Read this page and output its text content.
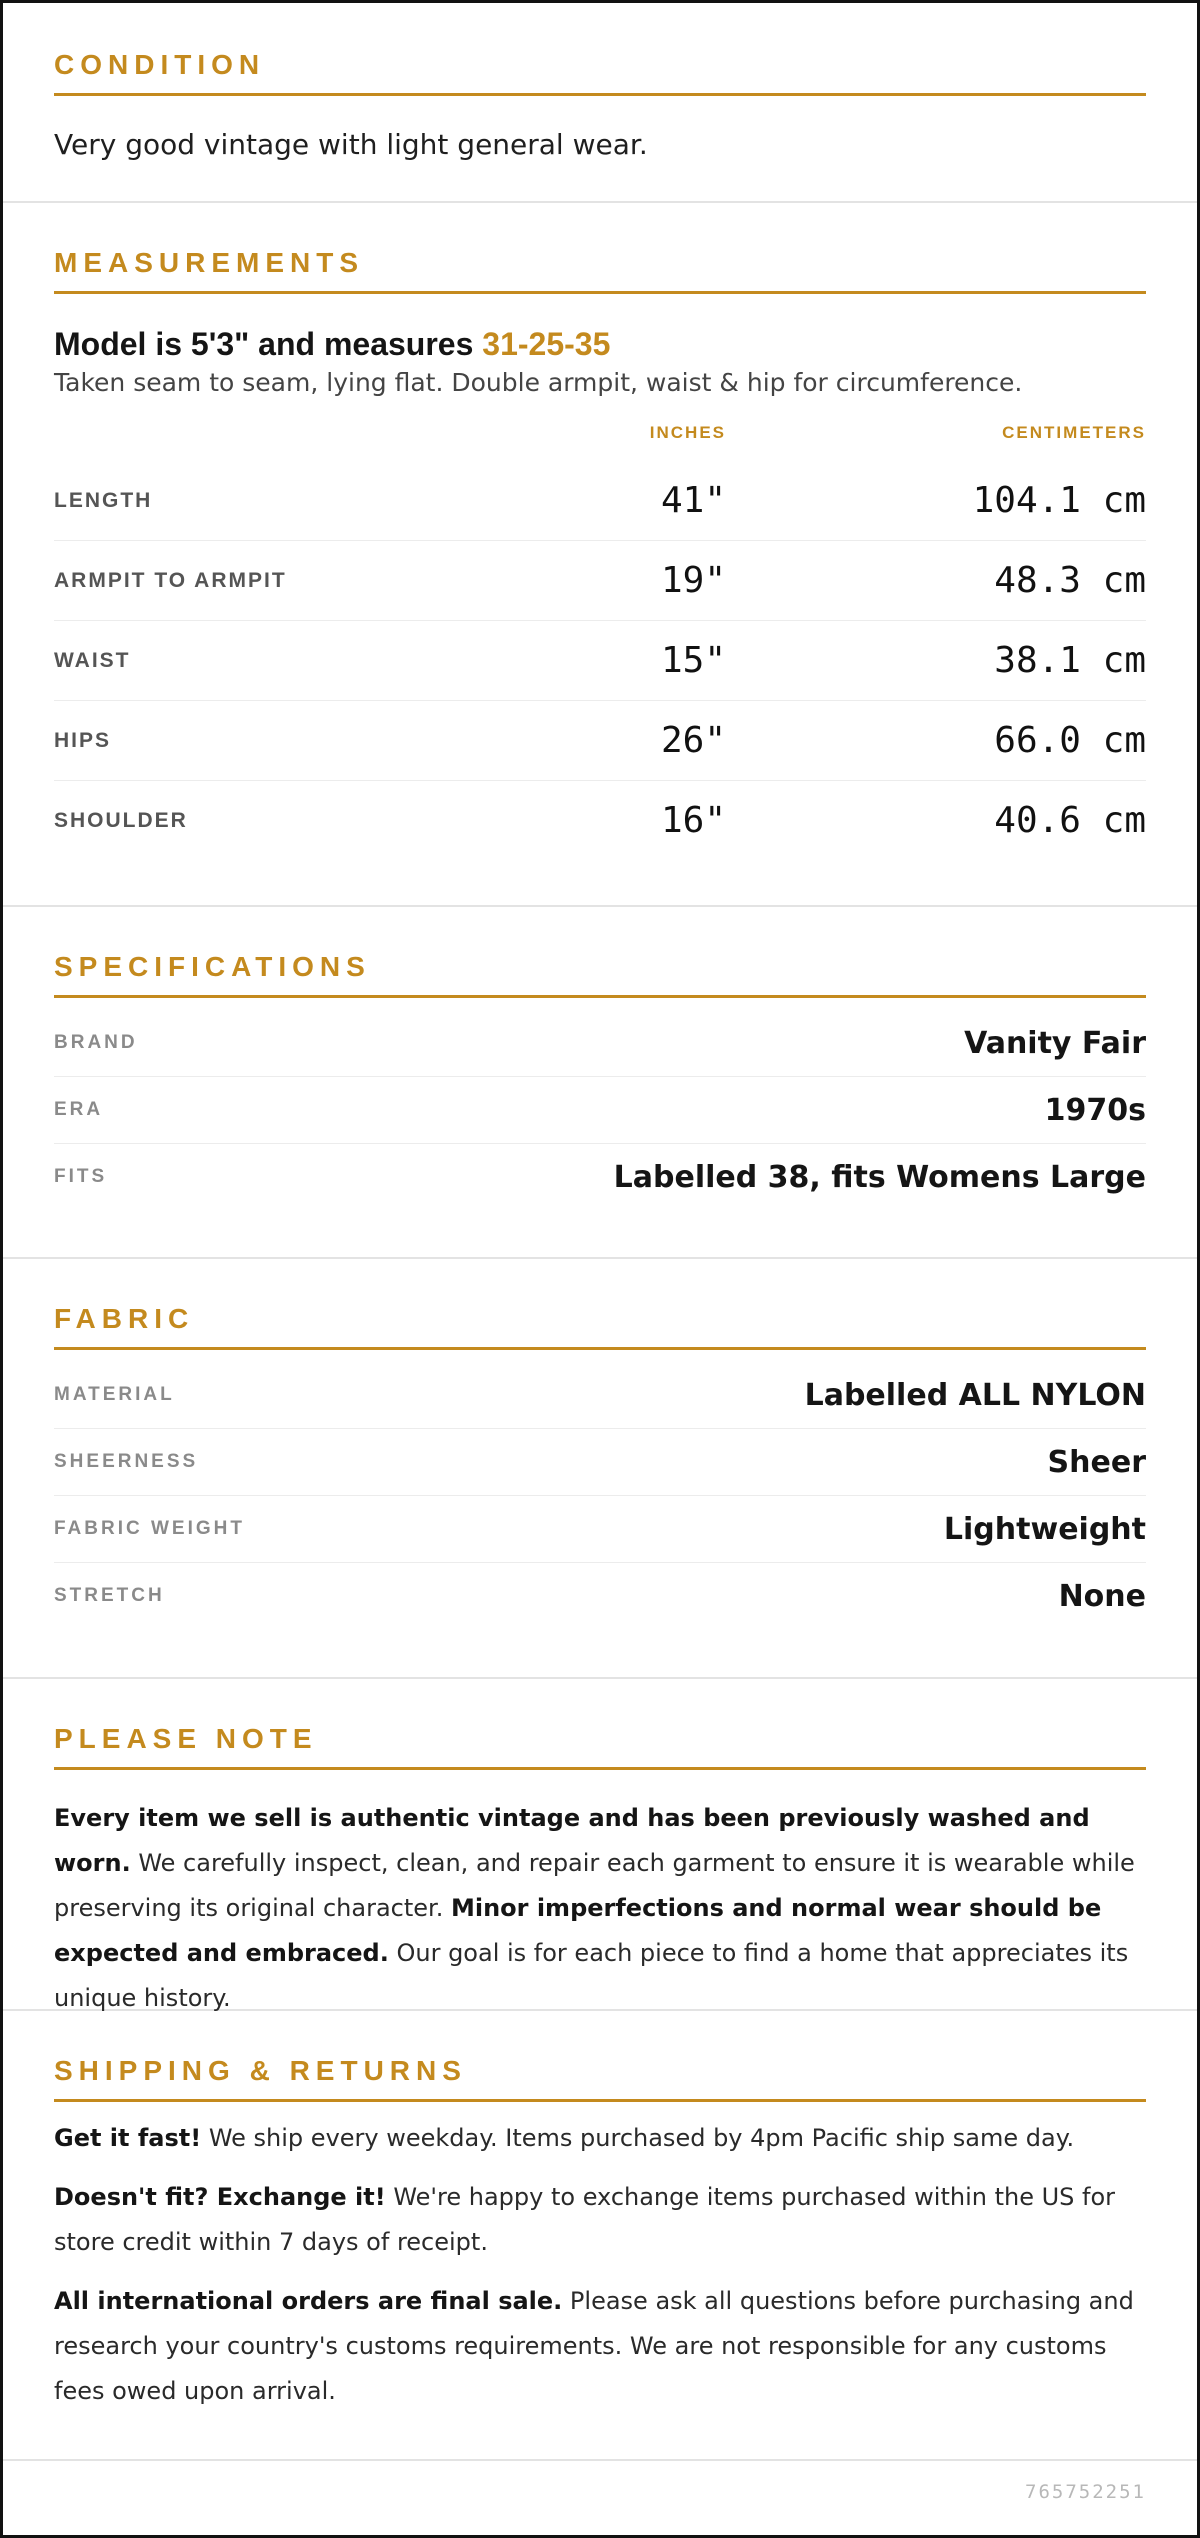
CONDITION
Very good vintage with light general wear.
MEASUREMENTS
Model is 5'3" and measures 31-25-35
Taken seam to seam, lying flat. Double armpit, waist & hip for circumference.
INCHES	CENTIMETERS
LENGTH	41"	104.1 cm
ARMPIT TO ARMPIT	19"	48.3 cm
WAIST	15"	38.1 cm
HIPS	26"	66.0 cm
SHOULDER	16"	40.6 cm
SPECIFICATIONS
BRAND	Vanity Fair
ERA	1970s
FITS	Labelled 38, fits Womens Large
FABRIC
MATERIAL	Labelled ALL NYLON
SHEERNESS	Sheer
FABRIC WEIGHT	Lightweight
STRETCH	None
PLEASE NOTE
Every item we sell is authentic vintage and has been previously washed and worn. We carefully inspect, clean, and repair each garment to ensure it is wearable while preserving its original character. Minor imperfections and normal wear should be expected and embraced. Our goal is for each piece to find a home that appreciates its unique history.
SHIPPING & RETURNS
Get it fast! We ship every weekday. Items purchased by 4pm Pacific ship same day.
Doesn't fit? Exchange it! We're happy to exchange items purchased within the US for store credit within 7 days of receipt.
All international orders are final sale. Please ask all questions before purchasing and research your country's customs requirements. We are not responsible for any customs fees owed upon arrival.
765752251
